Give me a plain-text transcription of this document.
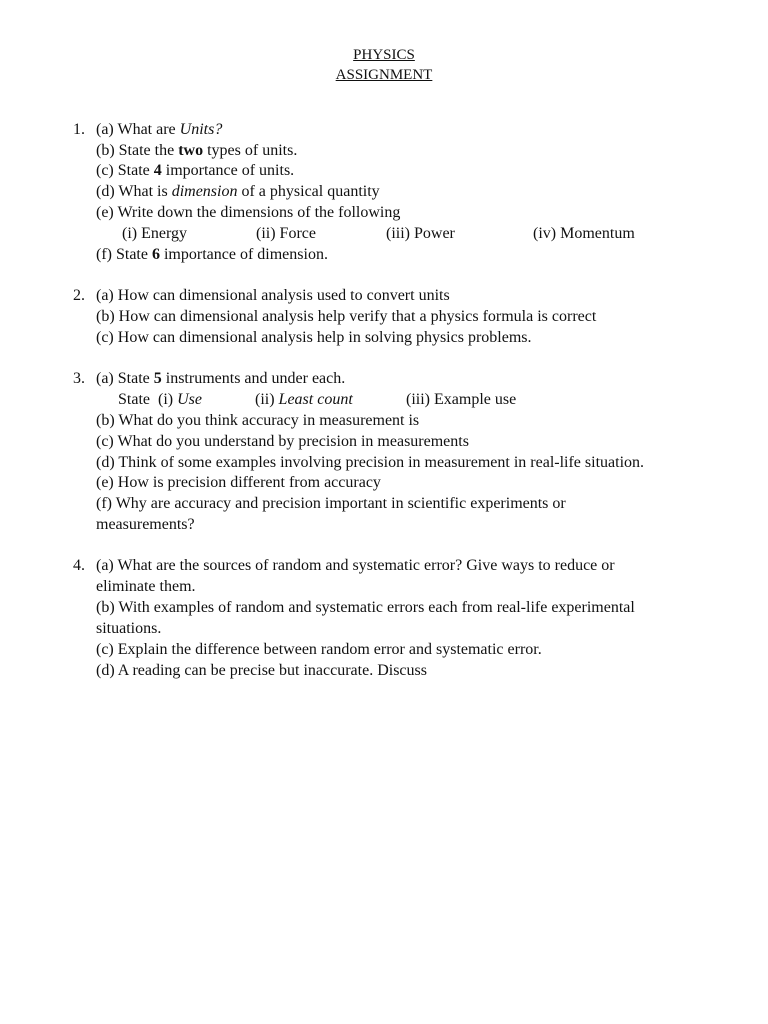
PHYSICS
ASSIGNMENT
1. (a) What are Units?
(b) State the two types of units.
(c) State 4 importance of units.
(d) What is dimension of a physical quantity
(e) Write down the dimensions of the following
(i) Energy	(ii) Force	(iii) Power	(iv) Momentum
(f) State 6 importance of dimension.
2. (a) How can dimensional analysis used to convert units
(b) How can dimensional analysis help verify that a physics formula is correct
(c) How can dimensional analysis help in solving physics problems.
3. (a) State 5 instruments and under each.
State  (i) Use	(ii) Least count	(iii) Example use
(b) What do you think accuracy in measurement is
(c) What do you understand by precision in measurements
(d) Think of some examples involving precision in measurement in real-life situation.
(e) How is precision different from accuracy
(f) Why are accuracy and precision important in scientific experiments or
measurements?
4. (a) What are the sources of random and systematic error? Give ways to reduce or
eliminate them.
(b) With examples of random and systematic errors each from real-life experimental
situations.
(c) Explain the difference between random error and systematic error.
(d) A reading can be precise but inaccurate. Discuss
